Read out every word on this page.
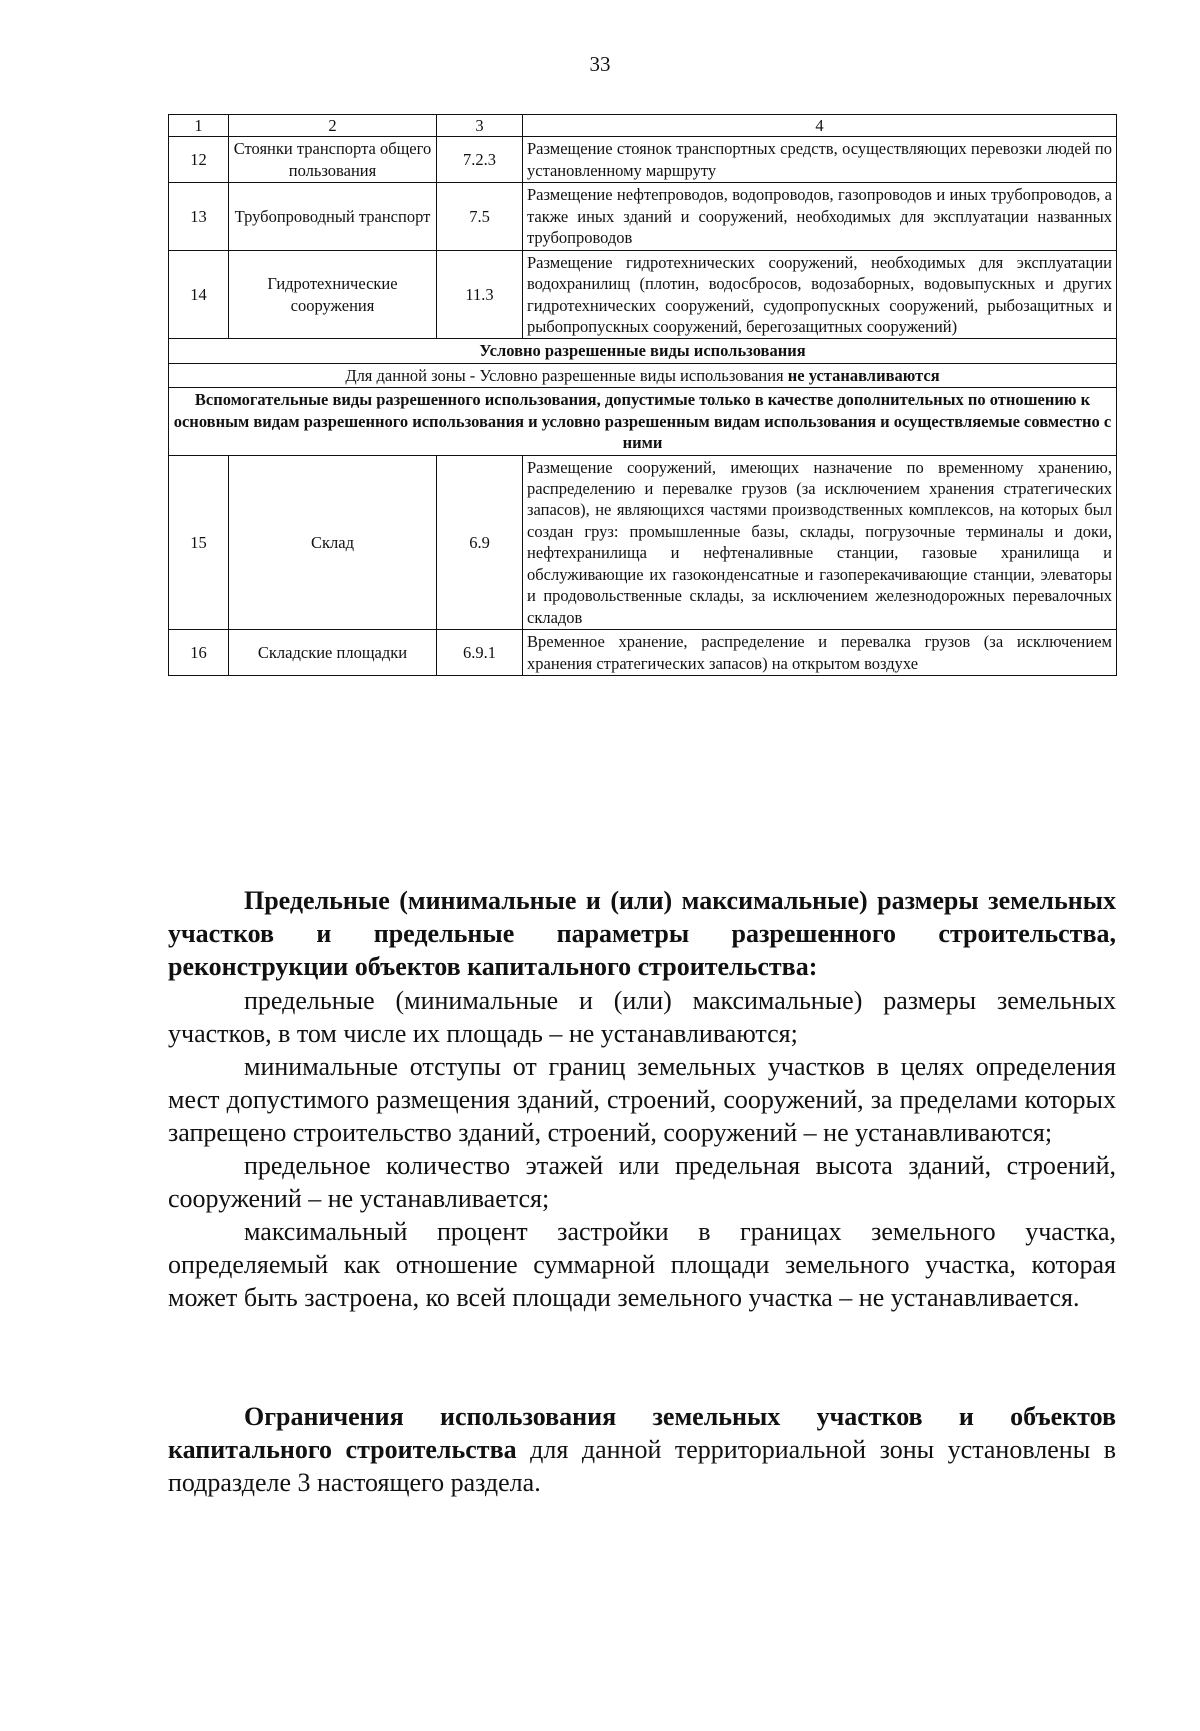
33
1	2	3	4
12	Стоянки транспорта общего пользования	7.2.3	Размещение стоянок транспортных средств, осуществляющих перевозки людей по установленному маршруту
13	Трубопроводный транспорт	7.5	Размещение нефтепроводов, водопроводов, газопроводов и иных трубопроводов, а также иных зданий и сооружений, необходимых для эксплуатации названных трубопроводов
14	Гидротехнические сооружения	11.3	Размещение гидротехнических сооружений, необходимых для эксплуатации водохранилищ (плотин, водосбросов, водозаборных, водовыпускных и других гидротехнических сооружений, судопропускных сооружений, рыбозащитных и рыбопропускных сооружений, берегозащитных сооружений)
Условно разрешенные виды использования			
Для данной зоны - Условно разрешенные виды использования не устанавливаются			
Вспомогательные виды разрешенного использования, допустимые только в качестве дополнительных по отношению к основным видам разрешенного использования и условно разрешенным видам использования и осуществляемые совместно с ними			
15	Склад	6.9	Размещение сооружений, имеющих назначение по временному хранению, распределению и перевалке грузов (за исключением хранения стратегических запасов), не являющихся частями производственных комплексов, на которых был создан груз: промышленные базы, склады, погрузочные терминалы и доки, нефтехранилища и нефтеналивные станции, газовые хранилища и обслуживающие их газоконденсатные и газоперекачивающие станции, элеваторы и продовольственные склады, за исключением железнодорожных перевалочных складов
16	Складские площадки	6.9.1	Временное хранение, распределение и перевалка грузов (за исключением хранения стратегических запасов) на открытом воздухе
Предельные (минимальные и (или) максимальные) размеры земельных участков и предельные параметры разрешенного строительства, реконструкции объектов капитального строительства:

предельные (минимальные и (или) максимальные) размеры земельных участков, в том числе их площадь – не устанавливаются;

минимальные отступы от границ земельных участков в целях определения мест допустимого размещения зданий, строений, сооружений, за пределами которых запрещено строительство зданий, строений, сооружений – не устанавливаются;

предельное количество этажей или предельная высота зданий, строений, сооружений – не устанавливается;

максимальный процент застройки в границах земельного участка, определяемый как отношение суммарной площади земельного участка, которая может быть застроена, ко всей площади земельного участка – не устанавливается.

Ограничения использования земельных участков и объектов капитального строительства для данной территориальной зоны установлены в подразделе 3 настоящего раздела.
